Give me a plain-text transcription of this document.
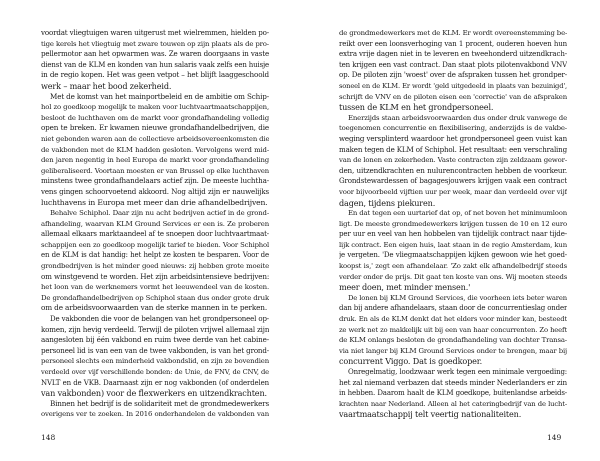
voordat vliegtuigen waren uitgerust met wielremmen, hielden po-
tige kerels het vliegtuig met zware touwen op zijn plaats als de pro-
pellermotor aan het opwarmen was. Ze waren doorgaans in vaste
dienst van de KLM en konden van hun salaris vaak zelfs een huisje
in de regio kopen. Het was geen vetpot – het blijft laaggeschoold
werk – maar het bood zekerheid.
Met de komst van het mainportbeleid en de ambitie om Schip-
hol zo goedkoop mogelijk te maken voor luchtvaartmaatschappijen,
besloot de luchthaven om de markt voor grondafhandeling volledig
open te breken. Er kwamen nieuwe grondafhandelbedrijven, die
niet gebonden waren aan de collectieve arbeidsovereenkomsten die
de vakbonden met de KLM hadden gesloten. Vervolgens werd mid-
den jaren negentig in heel Europa de markt voor grondafhandeling
geliberaliseerd. Voortaan moesten er van Brussel op elke luchthaven
minstens twee grondafhandelaars actief zijn. De meeste luchtha-
vens gingen schoorvoetend akkoord. Nog altijd zijn er nauwelijks
luchthavens in Europa met meer dan drie afhandelbedrijven.
Behalve Schiphol. Daar zijn nu acht bedrijven actief in de grond-
afhandeling, waarvan KLM Ground Services er een is. Ze proberen
allemaal elkaars marktaandeel af te snoepen door luchtvaartmaat-
schappijen een zo goedkoop mogelijk tarief te bieden. Voor Schiphol
en de KLM is dat handig: het helpt ze kosten te besparen. Voor de
grondbedrijven is het minder goed nieuws: zij hebben grote moeite
om winstgevend te worden. Het zijn arbeidsintensieve bedrijven:
het loon van de werknemers vormt het leeuwendeel van de kosten.
De grondafhandelbedrijven op Schiphol staan dus onder grote druk
om de arbeidsvoorwaarden van de sterke mannen in te perken.
De vakbonden die voor de belangen van het grondpersoneel op-
komen, zijn hevig verdeeld. Terwijl de piloten vrijwel allemaal zijn
aangesloten bij één vakbond en ruim twee derde van het cabine-
personeel lid is van een van de twee vakbonden, is van het grond-
personeel slechts een minderheid vakbondslid, en zijn ze bovendien
verdeeld over vijf verschillende bonden: de Unie, de FNV, de CNV, de
NVLT en de VKB. Daarnaast zijn er nog vakbonden (of onderdelen
van vakbonden) voor de flexwerkers en uitzendkrachten.
Binnen het bedrijf is de solidariteit met de grondmedewerkers
overigens ver te zoeken. In 2016 onderhandelen de vakbonden van
de grondmedewerkers met de KLM. Er wordt overeenstemming be-
reikt over een loonsverhoging van 1 procent, ouderen hoeven hun
extra vrije dagen niet in te leveren en tweehonderd uitzendkrach-
ten krijgen een vast contract. Dan staat plots pilotenvakbond VNV
op. De piloten zijn 'woest' over de afspraken tussen het grondper-
soneel en de KLM. Er wordt 'geld uitgedeeld in plaats van bezuinigd',
schrijft de VNV en de piloten eisen een 'correctie' van de afspraken
tussen de KLM en het grondpersoneel.
Enerzijds staan arbeidsvoorwaarden dus onder druk vanwege de
toegenomen concurrentie en flexibilisering, anderzijds is de vakbe-
weging versplinterd waardoor het grondpersoneel geen vuist kan
maken tegen de KLM of Schiphol. Het resultaat: een verschraling
van de lonen en zekerheden. Vaste contracten zijn zeldzaam gewor-
den, uitzendkrachten en nulurencontracten hebben de voorkeur.
Grondstewardessen of bagagesjouwers krijgen vaak een contract
voor bijvoorbeeld vijftien uur per week, maar dan verdeeld over vijf
dagen, tijdens piekuren.
En dat tegen een uurtarief dat op, of net boven het minimumloon
ligt. De meeste grondmedewerkers krijgen tussen de 10 en 12 euro
per uur en veel van hen hobbelen van tijdelijk contract naar tijde-
lijk contract. Een eigen huis, laat staan in de regio Amsterdam, kun
je vergeten. 'De vliegmaatschappijen kijken gewoon wie het goed-
koopst is,' zegt een afhandelaar. 'Zo zakt elk afhandelbedrijf steeds
verder onder de prijs. Dit gaat ten koste van ons. Wij moeten steeds
meer doen, met minder mensen.'
De lonen bij KLM Ground Services, die voorheen iets beter waren
dan bij andere afhandelaars, staan door de concurrentieslag onder
druk. En als de KLM denkt dat het elders voor minder kan, besteedt
ze werk net zo makkelijk uit bij een van haar concurrenten. Zo heeft
de KLM onlangs besloten de grondafhandeling van dochter Transa-
via niet langer bij KLM Ground Services onder te brengen, maar bij
concurrent Viggo. Dat is goedkoper.
Onregelmatig, loodzwaar werk tegen een minimale vergoeding:
het zal niemand verbazen dat steeds minder Nederlanders er zin
in hebben. Daarom haalt de KLM goedkope, buitenlandse arbeids-
krachten naar Nederland. Alleen al het cateringbedrijf van de lucht-
vaartmaatschappij telt veertig nationaliteiten.
148	149
